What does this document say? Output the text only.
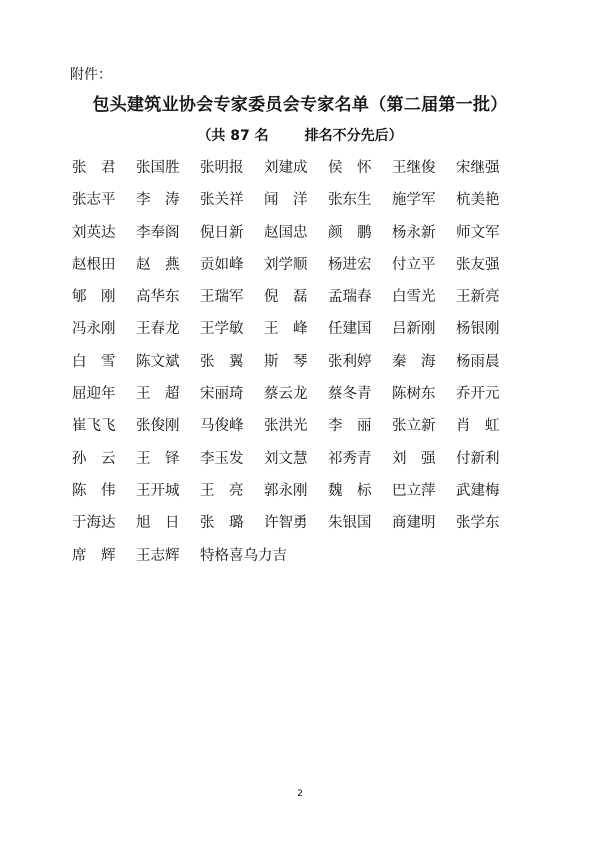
附件：
包头建筑业协会专家委员会专家名单（第二届第一批）
（共 87 名	排名不分先后）
张　君	张国胜	张明报	刘建成	侯　怀	王继俊	宋继强
张志平	李　涛	张关祥	闻　洋	张东生	施学军	杭美艳
刘英达	李奉阁	倪日新	赵国忠	颜　鹏	杨永新	师文军
赵根田	赵　燕	贡如峰	刘学顺	杨进宏	付立平	张友强
郇　刚	高华东	王瑞军	倪　磊	孟瑞春	白雪光	王新亮
冯永刚	王春龙	王学敏	王　峰	任建国	吕新刚	杨银刚
白　雪	陈文斌	张　翼	斯　琴	张利婷	秦　海	杨雨晨
屈迎年	王　超	宋丽琦	蔡云龙	蔡冬青	陈树东	乔开元
崔飞飞	张俊刚	马俊峰	张洪光	李　丽	张立新	肖　虹
孙　云	王　铎	李玉发	刘文慧	祁秀青	刘　强	付新利
陈　伟	王开城	王　亮	郭永刚	魏　标	巴立萍	武建梅
于海达	旭　日	张　璐	许智勇	朱银国	商建明	张学东
席　辉	王志辉	特格喜乌力吉
2
